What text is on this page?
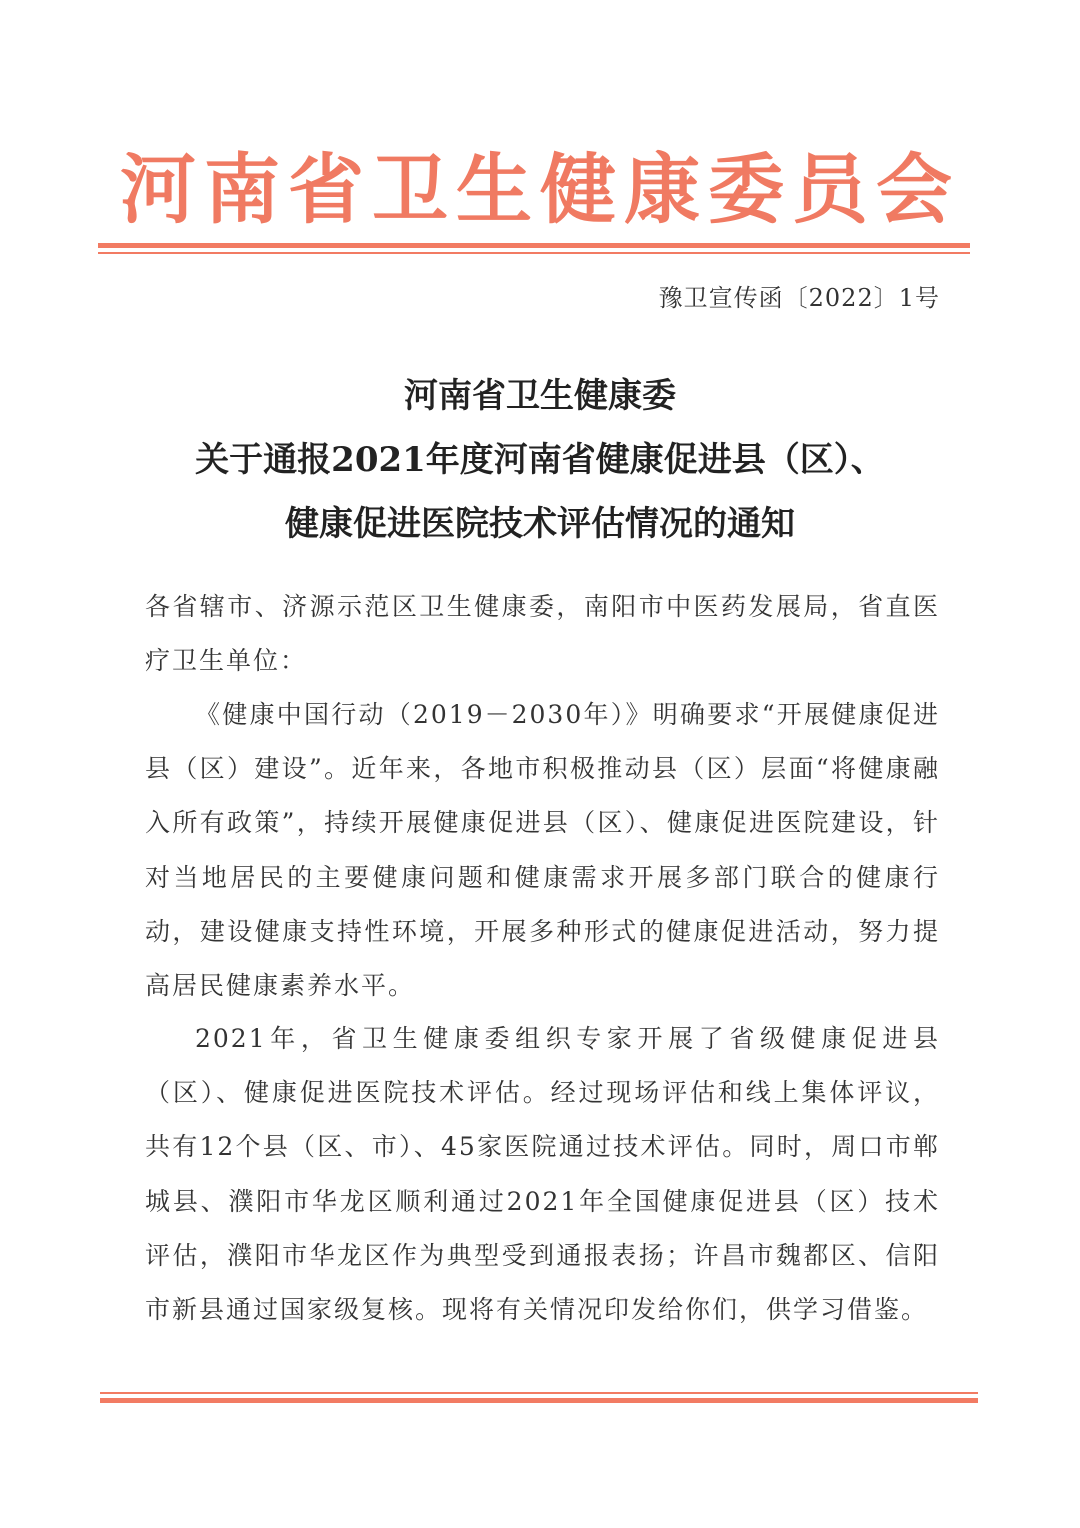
河南省卫生健康委员会
豫卫宣传函〔2022〕1号
河南省卫生健康委
关于通报2021年度河南省健康促进县（区）、
健康促进医院技术评估情况的通知
各省辖市、济源示范区卫生健康委，南阳市中医药发展局，省直医疗卫生单位：
《健康中国行动（2019－2030年）》明确要求“开展健康促进县（区）建设”。近年来，各地市积极推动县（区）层面“将健康融入所有政策”，持续开展健康促进县（区）、健康促进医院建设，针对当地居民的主要健康问题和健康需求开展多部门联合的健康行动，建设健康支持性环境，开展多种形式的健康促进活动，努力提高居民健康素养水平。
2021年，省卫生健康委组织专家开展了省级健康促进县（区）、健康促进医院技术评估。经过现场评估和线上集体评议，共有12个县（区、市）、45家医院通过技术评估。同时，周口市郸城县、濮阳市华龙区顺利通过2021年全国健康促进县（区）技术评估，濮阳市华龙区作为典型受到通报表扬；许昌市魏都区、信阳市新县通过国家级复核。现将有关情况印发给你们，供学习借鉴。
